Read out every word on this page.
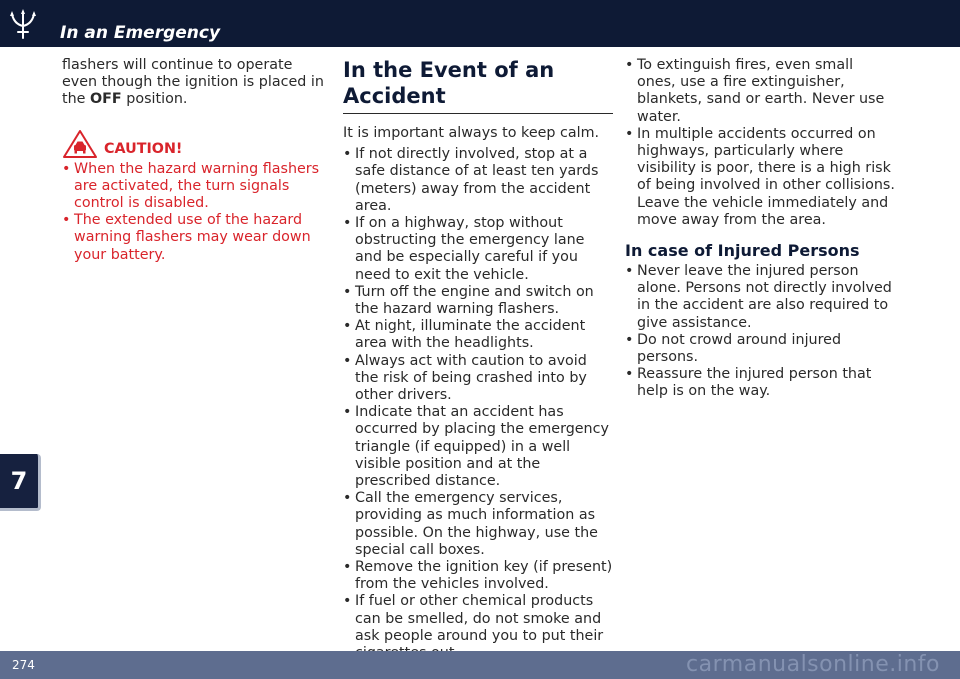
In an Emergency
7

flashers will continue to operate even though the ignition is placed in the OFF position.

CAUTION!
• When the hazard warning flashers are activated, the turn signals control is disabled.
• The extended use of the hazard warning flashers may wear down your battery.
In the Event of an Accident

It is important always to keep calm.

• If not directly involved, stop at a safe distance of at least ten yards (meters) away from the accident area.
• If on a highway, stop without obstructing the emergency lane and be especially careful if you need to exit the vehicle.
• Turn off the engine and switch on the hazard warning flashers.
• At night, illuminate the accident area with the headlights.
• Always act with caution to avoid the risk of being crashed into by other drivers.
• Indicate that an accident has occurred by placing the emergency triangle (if equipped) in a well visible position and at the prescribed distance.
• Call the emergency services, providing as much information as possible. On the highway, use the special call boxes.
• Remove the ignition key (if present) from the vehicles involved.
• If fuel or other chemical products can be smelled, do not smoke and ask people around you to put their
• To extinguish fires, even small ones, use a fire extinguisher, blankets, sand or earth. Never use water.
• In multiple accidents occurred on highways, particularly where visibility is poor, there is a high risk of being involved in other collisions. Leave the vehicle immediately and move away from the area.
In case of Injured Persons
• Never leave the injured person alone. Persons not directly involved in the accident are also required to give assistance.
• Do not crowd around injured persons.
• Reassure the injured person that help is on the way.
274	carmanualsonline.info
